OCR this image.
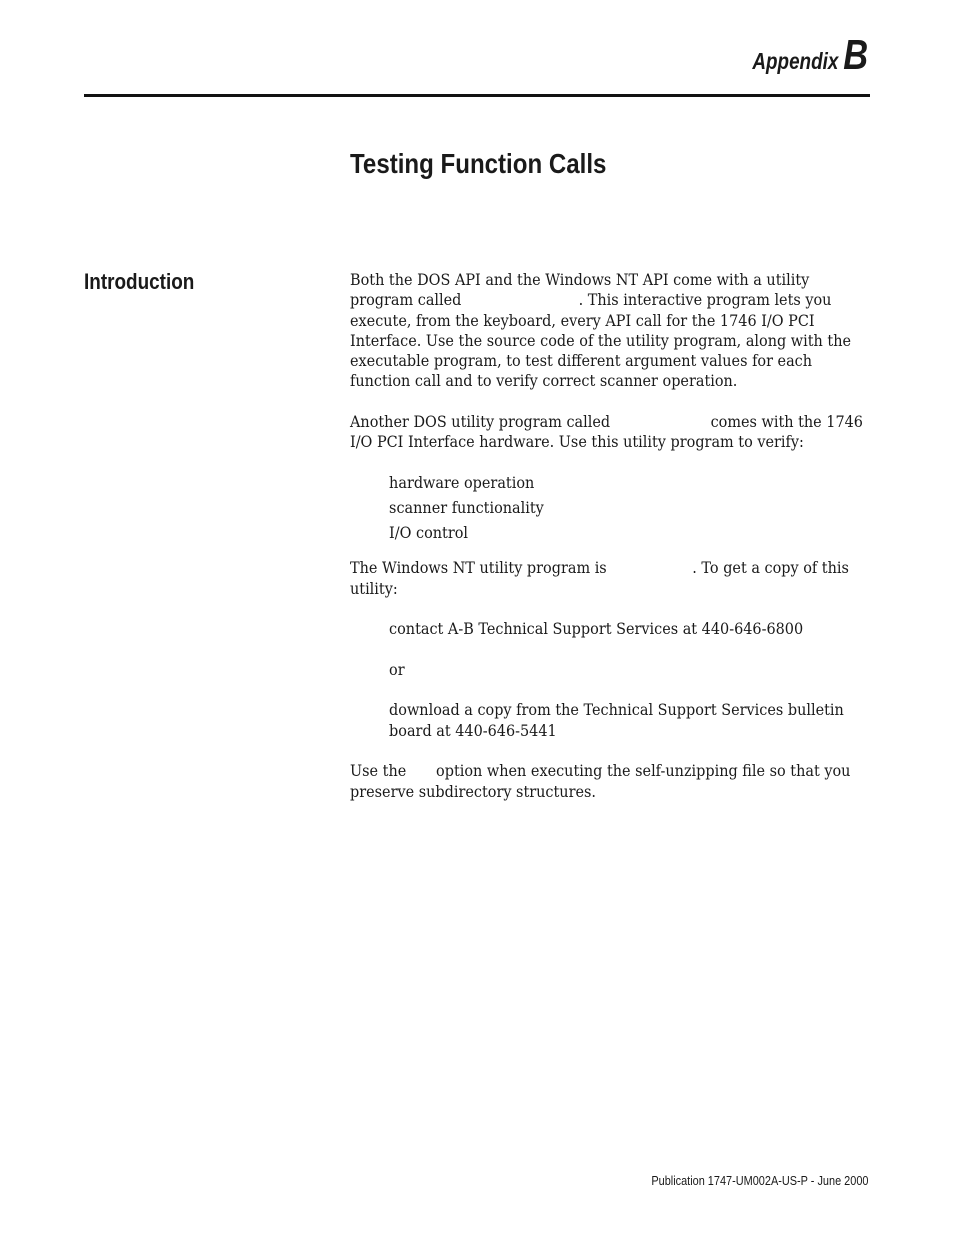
Appendix B
Testing Function Calls
Introduction	Both the DOS API and the Windows NT API come with a utility program called	. This interactive program lets you execute, from the keyboard, every API call for the 1746 I/O PCI Interface. Use the source code of the utility program, along with the executable program, to test different argument values for each function call and to verify correct scanner operation.

Another DOS utility program called	comes with the 1746 I/O PCI Interface hardware. Use this utility program to verify:

hardware operation
scanner functionality
I/O control

The Windows NT utility program is	. To get a copy of this utility:

contact A-B Technical Support Services at 440-646-6800

or

download a copy from the Technical Support Services bulletin board at 440-646-5441

Use the option when executing the self-unzipping file so that you preserve subdirectory structures.

Publication 1747-UM002A-US-P - June 2000
